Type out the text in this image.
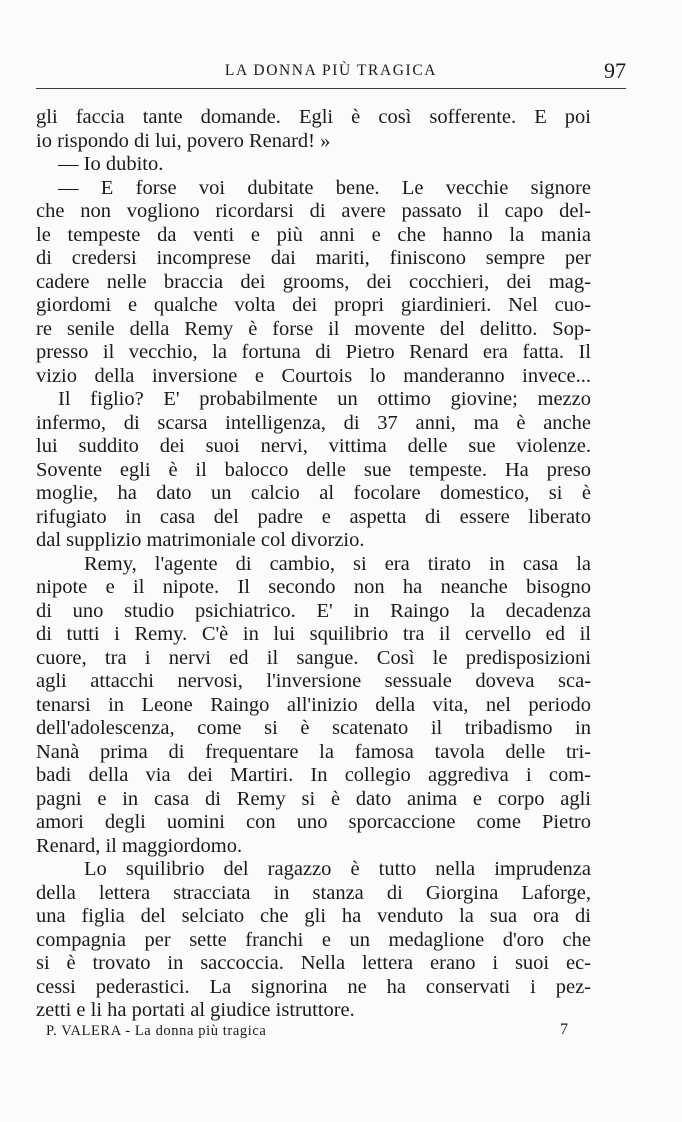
LA DONNA PIÙ TRAGICA	97
gli faccia tante domande. Egli è così sofferente. E poi
io rispondo di lui, povero Renard! »
— Io dubito.
— E forse voi dubitate bene. Le vecchie signore
che non vogliono ricordarsi di avere passato il capo del-
le tempeste da venti e più anni e che hanno la mania
di credersi incomprese dai mariti, finiscono sempre per
cadere nelle braccia dei grooms, dei cocchieri, dei mag-
giordomi e qualche volta dei propri giardinieri. Nel cuo-
re senile della Remy è forse il movente del delitto. Sop-
presso il vecchio, la fortuna di Pietro Renard era fatta. Il
vizio della inversione e Courtois lo manderanno invece...
Il figlio? E' probabilmente un ottimo giovine; mezzo
infermo, di scarsa intelligenza, di 37 anni, ma è anche
lui suddito dei suoi nervi, vittima delle sue violenze.
Sovente egli è il balocco delle sue tempeste. Ha preso
moglie, ha dato un calcio al focolare domestico, si è
rifugiato in casa del padre e aspetta di essere liberato
dal supplizio matrimoniale col divorzio.
Remy, l'agente di cambio, si era tirato in casa la
nipote e il nipote. Il secondo non ha neanche bisogno
di uno studio psichiatrico. E' in Raingo la decadenza
di tutti i Remy. C'è in lui squilibrio tra il cervello ed il
cuore, tra i nervi ed il sangue. Così le predisposizioni
agli attacchi nervosi, l'inversione sessuale doveva sca-
tenarsi in Leone Raingo all'inizio della vita, nel periodo
dell'adolescenza, come si è scatenato il tribadismo in
Nanà prima di frequentare la famosa tavola delle tri-
badi della via dei Martiri. In collegio aggrediva i com-
pagni e in casa di Remy si è dato anima e corpo agli
amori degli uomini con uno sporcaccione come Pietro
Renard, il maggiordomo.
Lo squilibrio del ragazzo è tutto nella imprudenza
della lettera stracciata in stanza di Giorgina Laforge,
una figlia del selciato che gli ha venduto la sua ora di
compagnia per sette franchi e un medaglione d'oro che
si è trovato in saccoccia. Nella lettera erano i suoi ec-
cessi pederastici. La signorina ne ha conservati i pez-
zetti e li ha portati al giudice istruttore.
P. VALERA - La donna più tragica	7
